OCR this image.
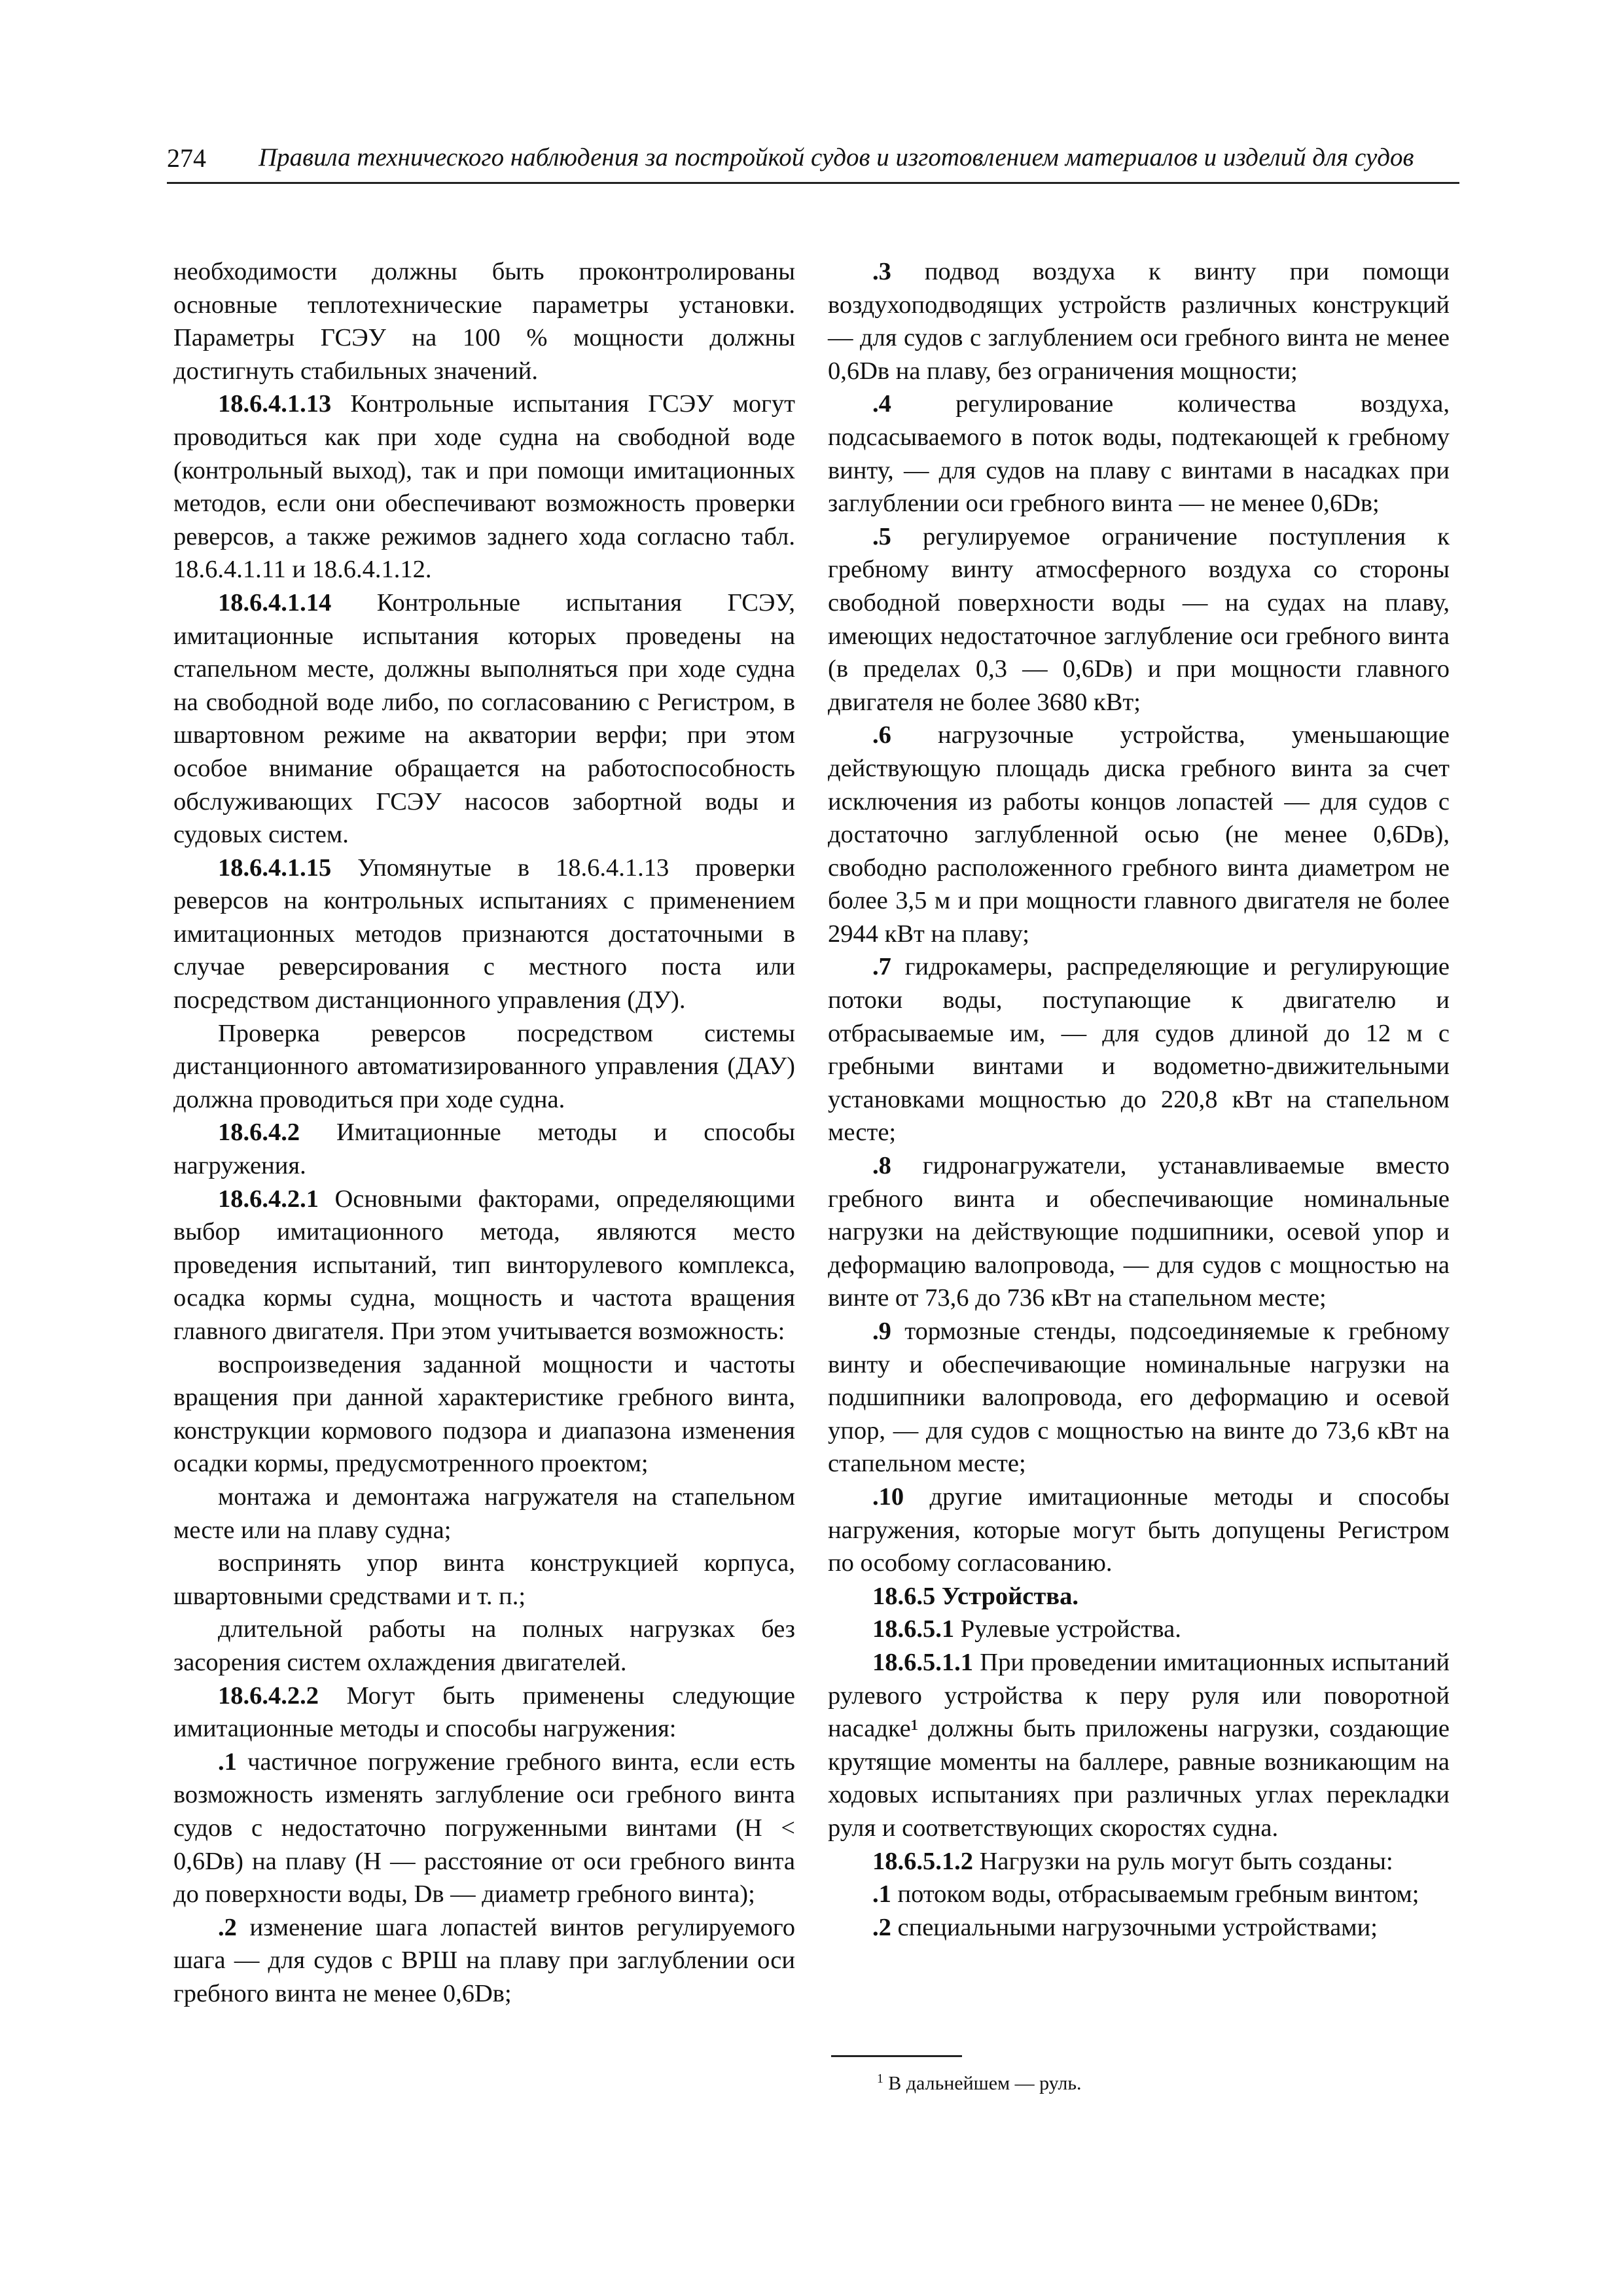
274 Правила технического наблюдения за постройкой судов и изготовлением материалов и изделий для судов

необходимости должны быть проконтролированы основные теплотехнические параметры установки. Параметры ГСЭУ на 100 % мощности должны достигнуть стабильных значений.

18.6.4.1.13 Контрольные испытания ГСЭУ могут проводиться как при ходе судна на свободной воде (контрольный выход), так и при помощи имитационных методов, если они обеспечивают возможность проверки реверсов, а также режимов заднего хода согласно табл. 18.6.4.1.11 и 18.6.4.1.12.

18.6.4.1.14 Контрольные испытания ГСЭУ, имитационные испытания которых проведены на стапельном месте, должны выполняться при ходе судна на свободной воде либо, по согласованию с Регистром, в швартовном режиме на акватории верфи; при этом особое внимание обращается на работоспособность обслуживающих ГСЭУ насосов забортной воды и судовых систем.

18.6.4.1.15 Упомянутые в 18.6.4.1.13 проверки реверсов на контрольных испытаниях с применением имитационных методов признаются достаточными в случае реверсирования с местного поста или посредством дистанционного управления (ДУ).

Проверка реверсов посредством системы дистанционного автоматизированного управления (ДАУ) должна проводиться при ходе судна.

18.6.4.2 Имитационные методы и способы нагружения.

18.6.4.2.1 Основными факторами, определяющими выбор имитационного метода, являются место проведения испытаний, тип винторулевого комплекса, осадка кормы судна, мощность и частота вращения главного двигателя. При этом учитывается возможность:

воспроизведения заданной мощности и частоты вращения при данной характеристике гребного винта, конструкции кормового подзора и диапазона изменения осадки кормы, предусмотренного проектом;

монтажа и демонтажа нагружателя на стапельном месте или на плаву судна;

воспринять упор винта конструкцией корпуса, швартовными средствами и т. п.;

длительной работы на полных нагрузках без засорения систем охлаждения двигателей.

18.6.4.2.2 Могут быть применены следующие имитационные методы и способы нагружения:

.1 частичное погружение гребного винта, если есть возможность изменять заглубление оси гребного винта судов с недостаточно погруженными винтами (H < 0,6Dв) на плаву (H — расстояние от оси гребного винта до поверхности воды, Dв — диаметр гребного винта);

.2 изменение шага лопастей винтов регулируемого шага — для судов с ВРШ на плаву при заглублении оси гребного винта не менее 0,6Dв;

.3 подвод воздуха к винту при помощи воздухоподводящих устройств различных конструкций — для судов с заглублением оси гребного винта не менее 0,6Dв на плаву, без ограничения мощности;

.4 регулирование количества воздуха, подсасываемого в поток воды, подтекающей к гребному винту, — для судов на плаву с винтами в насадках при заглублении оси гребного винта — не менее 0,6Dв;

.5 регулируемое ограничение поступления к гребному винту атмосферного воздуха со стороны свободной поверхности воды — на судах на плаву, имеющих недостаточное заглубление оси гребного винта (в пределах 0,3 — 0,6Dв) и при мощности главного двигателя не более 3680 кВт;

.6 нагрузочные устройства, уменьшающие действующую площадь диска гребного винта за счет исключения из работы концов лопастей — для судов с достаточно заглубленной осью (не менее 0,6Dв), свободно расположенного гребного винта диаметром не более 3,5 м и при мощности главного двигателя не более 2944 кВт на плаву;

.7 гидрокамеры, распределяющие и регулирующие потоки воды, поступающие к двигателю и отбрасываемые им, — для судов длиной до 12 м с гребными винтами и водометно-движительными установками мощностью до 220,8 кВт на стапельном месте;

.8 гидронагружатели, устанавливаемые вместо гребного винта и обеспечивающие номинальные нагрузки на действующие подшипники, осевой упор и деформацию валопровода, — для судов с мощностью на винте от 73,6 до 736 кВт на стапельном месте;

.9 тормозные стенды, подсоединяемые к гребному винту и обеспечивающие номинальные нагрузки на подшипники валопровода, его деформацию и осевой упор, — для судов с мощностью на винте до 73,6 кВт на стапельном месте;

.10 другие имитационные методы и способы нагружения, которые могут быть допущены Регистром по особому согласованию.

18.6.5 Устройства.

18.6.5.1 Рулевые устройства.

18.6.5.1.1 При проведении имитационных испытаний рулевого устройства к перу руля или поворотной насадке¹ должны быть приложены нагрузки, создающие крутящие моменты на баллере, равные возникающим на ходовых испытаниях при различных углах перекладки руля и соответствующих скоростях судна.

18.6.5.1.2 Нагрузки на руль могут быть созданы:

.1 потоком воды, отбрасываемым гребным винтом;

.2 специальными нагрузочными устройствами;

$^1$ В дальнейшем — руль.
